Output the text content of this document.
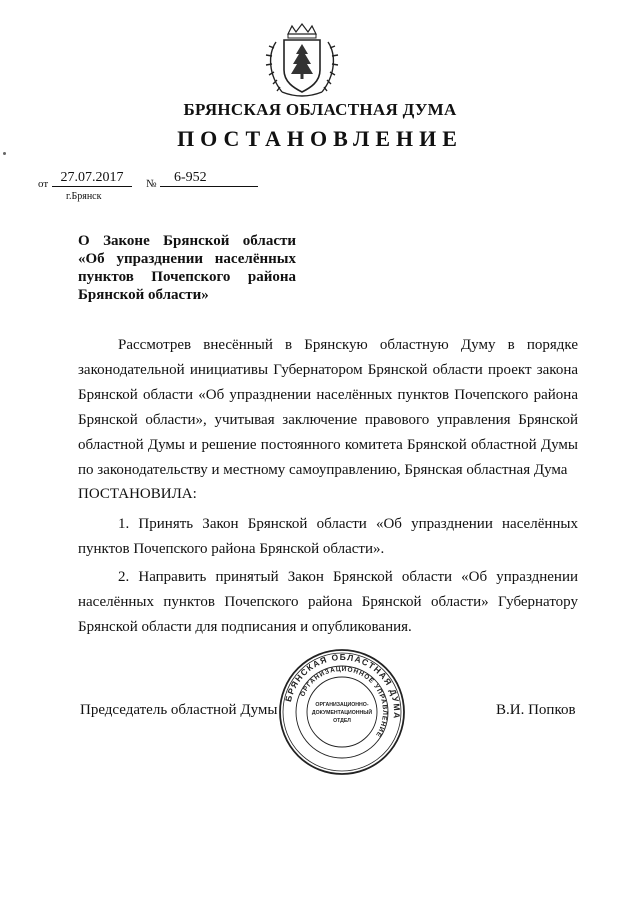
БРЯНСКАЯ ОБЛАСТНАЯ ДУМА
ПОСТАНОВЛЕНИЕ
от 27.07.2017	№	6-952
г.Брянск
О Законе Брянской области «Об упразднении населённых пунктов Почепского района Брянской области»
Рассмотрев внесённый в Брянскую областную Думу в порядке
законодательной инициативы Губернатором Брянской области проект закона
Брянской области «Об упразднении населённых пунктов Почепского района
Брянской области», учитывая заключение правового управления Брянской
областной Думы и решение постоянного комитета Брянской областной Думы
по законодательству и местному самоуправлению, Брянская областная Дума
ПОСТАНОВИЛА:
1. Принять Закон Брянской области «Об упразднении населённых
пунктов Почепского района Брянской области».
2. Направить принятый Закон Брянской области «Об упразднении
населённых пунктов Почепского района Брянской области» Губернатору
Брянской области для подписания и опубликования.
Председатель областной Думы
БРЯНСКАЯ ОБЛАСТНАЯ ДУМА
ОРГАНИЗАЦИОННОЕ УПРАВЛЕНИЕ
ОРГАНИЗАЦИОННО-
ДОКУМЕНТАЦИОННЫЙ
ОТДЕЛ
В.И. Попков
